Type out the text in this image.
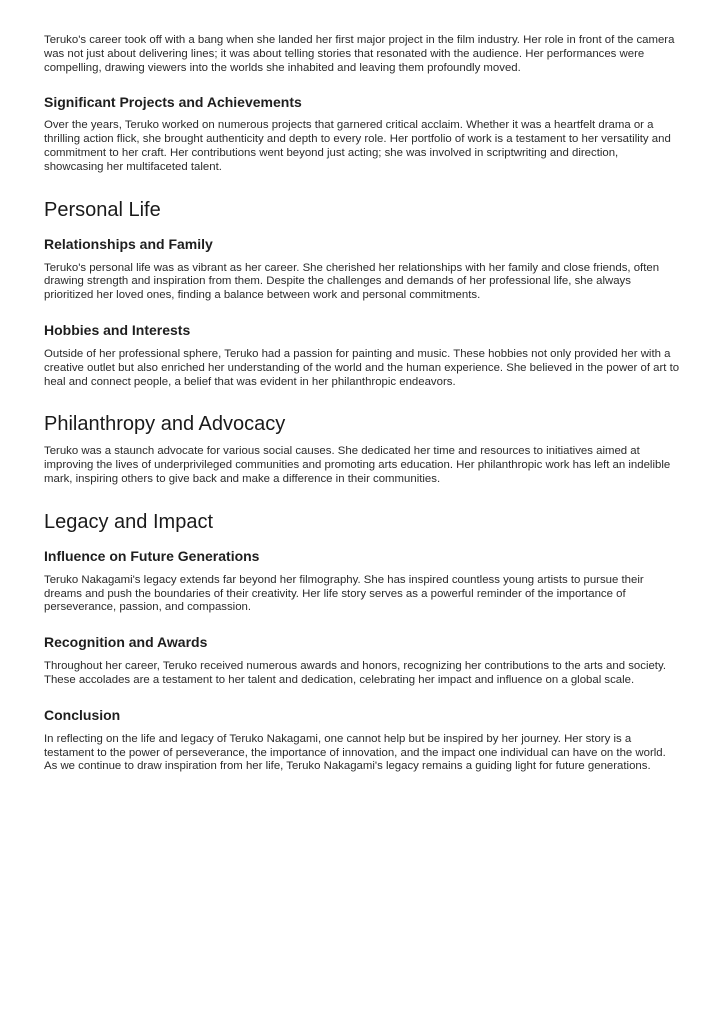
Teruko's career took off with a bang when she landed her first major project in the film industry. Her role in front of the camera was not just about delivering lines; it was about telling stories that resonated with the audience. Her performances were compelling, drawing viewers into the worlds she inhabited and leaving them profoundly moved.

Significant Projects and Achievements

Over the years, Teruko worked on numerous projects that garnered critical acclaim. Whether it was a heartfelt drama or a thrilling action flick, she brought authenticity and depth to every role. Her portfolio of work is a testament to her versatility and commitment to her craft. Her contributions went beyond just acting; she was involved in scriptwriting and direction, showcasing her multifaceted talent.

Personal Life
Relationships and Family

Teruko's personal life was as vibrant as her career. She cherished her relationships with her family and close friends, often drawing strength and inspiration from them. Despite the challenges and demands of her professional life, she always prioritized her loved ones, finding a balance between work and personal commitments.

Hobbies and Interests

Outside of her professional sphere, Teruko had a passion for painting and music. These hobbies not only provided her with a creative outlet but also enriched her understanding of the world and the human experience. She believed in the power of art to heal and connect people, a belief that was evident in her philanthropic endeavors.

Philanthropy and Advocacy

Teruko was a staunch advocate for various social causes. She dedicated her time and resources to initiatives aimed at improving the lives of underprivileged communities and promoting arts education. Her philanthropic work has left an indelible mark, inspiring others to give back and make a difference in their communities.

Legacy and Impact
Influence on Future Generations

Teruko Nakagami's legacy extends far beyond her filmography. She has inspired countless young artists to pursue their dreams and push the boundaries of their creativity. Her life story serves as a powerful reminder of the importance of perseverance, passion, and compassion.

Recognition and Awards

Throughout her career, Teruko received numerous awards and honors, recognizing her contributions to the arts and society. These accolades are a testament to her talent and dedication, celebrating her impact and influence on a global scale.

Conclusion

In reflecting on the life and legacy of Teruko Nakagami, one cannot help but be inspired by her journey. Her story is a testament to the power of perseverance, the importance of innovation, and the impact one individual can have on the world. As we continue to draw inspiration from her life, Teruko Nakagami's legacy remains a guiding light for future generations.
